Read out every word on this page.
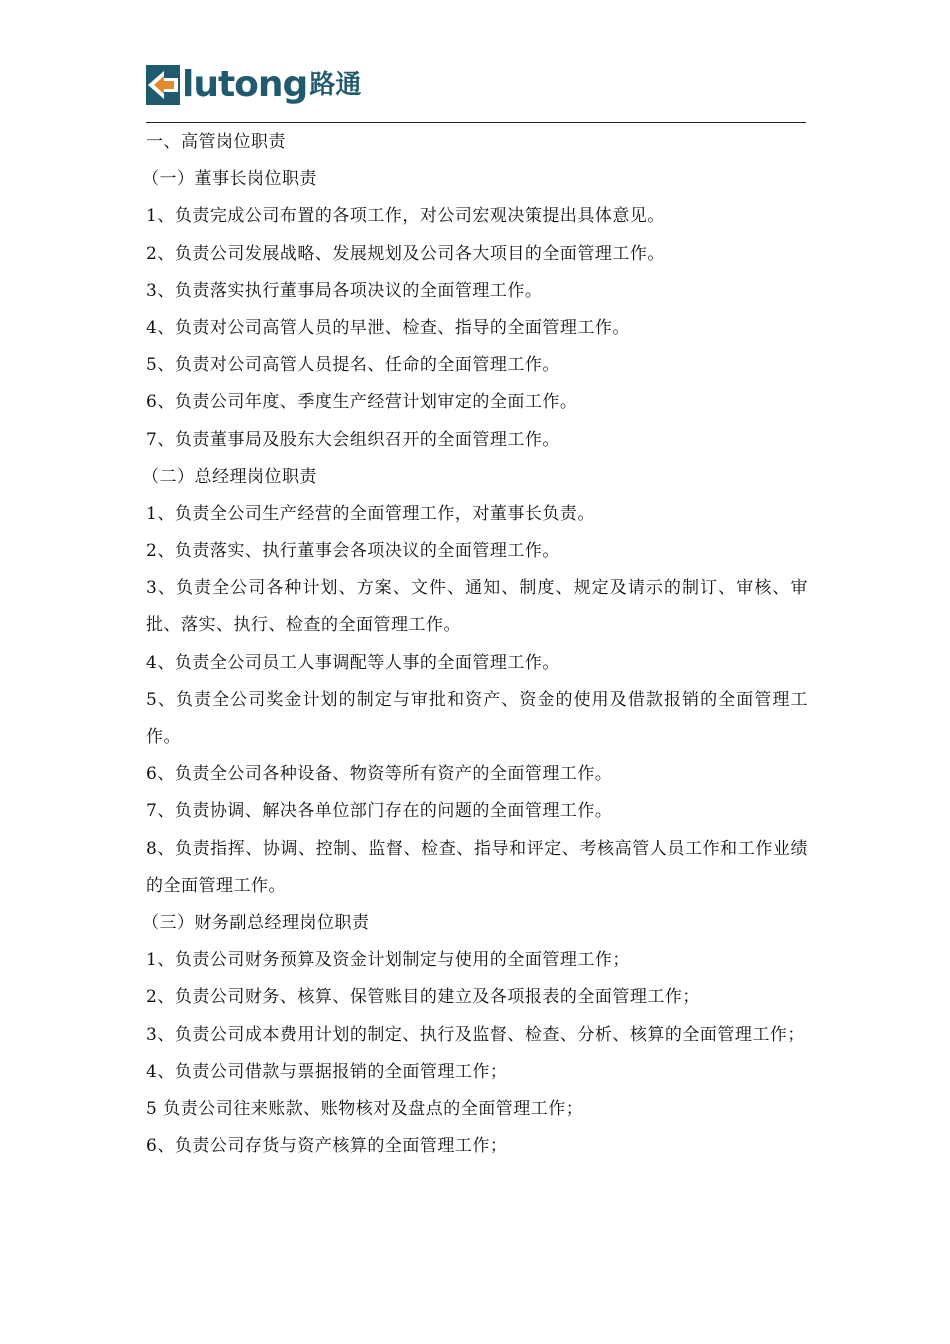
lutong 路通
一、高管岗位职责
（一）董事长岗位职责
1、负责完成公司布置的各项工作，对公司宏观决策提出具体意见。
2、负责公司发展战略、发展规划及公司各大项目的全面管理工作。
3、负责落实执行董事局各项决议的全面管理工作。
4、负责对公司高管人员的早泄、检查、指导的全面管理工作。
5、负责对公司高管人员提名、任命的全面管理工作。
6、负责公司年度、季度生产经营计划审定的全面工作。
7、负责董事局及股东大会组织召开的全面管理工作。
（二）总经理岗位职责
1、负责全公司生产经营的全面管理工作，对董事长负责。
2、负责落实、执行董事会各项决议的全面管理工作。
3、负责全公司各种计划、方案、文件、通知、制度、规定及请示的制订、审核、审批、落实、执行、检查的全面管理工作。
4、负责全公司员工人事调配等人事的全面管理工作。
5、负责全公司奖金计划的制定与审批和资产、资金的使用及借款报销的全面管理工作。
6、负责全公司各种设备、物资等所有资产的全面管理工作。
7、负责协调、解决各单位部门存在的问题的全面管理工作。
8、负责指挥、协调、控制、监督、检查、指导和评定、考核高管人员工作和工作业绩的全面管理工作。
（三）财务副总经理岗位职责
1、负责公司财务预算及资金计划制定与使用的全面管理工作；
2、负责公司财务、核算、保管账目的建立及各项报表的全面管理工作；
3、负责公司成本费用计划的制定、执行及监督、检查、分析、核算的全面管理工作；
4、负责公司借款与票据报销的全面管理工作；
5 负责公司往来账款、账物核对及盘点的全面管理工作；
6、负责公司存货与资产核算的全面管理工作；
